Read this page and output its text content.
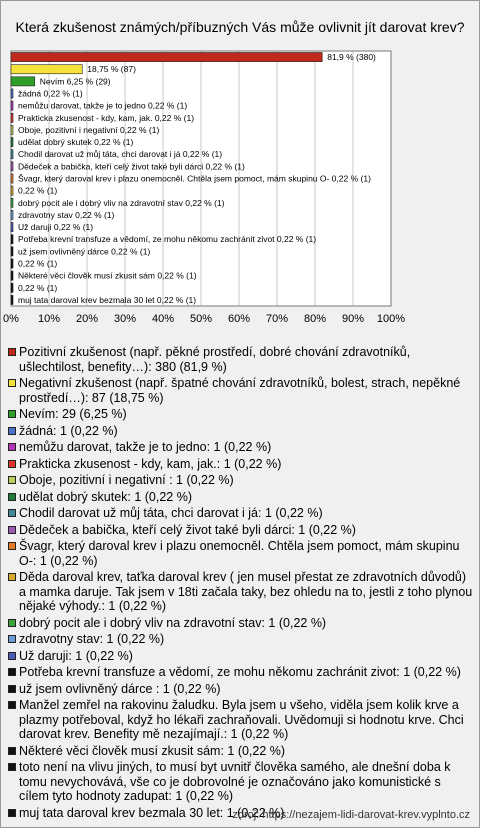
Která zkušenost známých/příbuzných Vás může ovlivnit jít darovat krev?
0% 10% 20% 30% 40% 50% 60% 70% 80% 90% 100%
81,9 % (380)
18,75 % (87)
Nevím 6,25 % (29)
žádná 0,22 % (1)
nemůžu darovat, takže je to jedno 0,22 % (1)
Prakticka zkusenost - kdy, kam, jak. 0,22 % (1)
Oboje, pozitivní i negativní 0,22 % (1)
udělat dobrý skutek 0,22 % (1)
Chodil darovat už můj táta, chci darovat i já 0,22 % (1)
Dědeček a babička, kteří celý život také byli dárci 0,22 % (1)
Švagr, který daroval krev i plazu onemocněl. Chtěla jsem pomoct, mám skupinu O- 0,22 % (1)
0,22 % (1)
dobrý pocit ale i dobrý vliv na zdravotní stav 0,22 % (1)
zdravotny stav 0,22 % (1)
Už daruji 0,22 % (1)
Potřeba krevní transfuze a vědomí, ze mohu někomu zachránit zivot 0,22 % (1)
už jsem ovlivněný dárce 0,22 % (1)
0,22 % (1)
Některé věci člověk musí zkusit sám 0,22 % (1)
0,22 % (1)
muj tata daroval krev bezmala 30 let 0,22 % (1)
Pozitivní zkušenost (např. pěkné prostředí, dobré chování zdravotníků, ušlechtilost, benefity…): 380 (81,9 %)
Negativní zkušenost (např. špatné chování zdravotníků, bolest, strach, nepěkné prostředí…): 87 (18,75 %)
Nevím: 29 (6,25 %)
žádná: 1 (0,22 %)
nemůžu darovat, takže je to jedno: 1 (0,22 %)
Prakticka zkusenost - kdy, kam, jak.: 1 (0,22 %)
Oboje, pozitivní i negativní : 1 (0,22 %)
udělat dobrý skutek: 1 (0,22 %)
Chodil darovat už můj táta, chci darovat i já: 1 (0,22 %)
Dědeček a babička, kteří celý život také byli dárci: 1 (0,22 %)
Švagr, který daroval krev i plazu onemocněl. Chtěla jsem pomoct, mám skupinu O-: 1 (0,22 %)
Děda daroval krev, taťka daroval krev ( jen musel přestat ze zdravotních důvodů) a mamka daruje. Tak jsem v 18ti začala taky, bez ohledu na to, jestli z toho plynou nějaké výhody.: 1 (0,22 %)
dobrý pocit ale i dobrý vliv na zdravotní stav: 1 (0,22 %)
zdravotny stav: 1 (0,22 %)
Už daruji: 1 (0,22 %)
Potřeba krevní transfuze a vědomí, ze mohu někomu zachránit zivot: 1 (0,22 %)
už jsem ovlivněný dárce : 1 (0,22 %)
Manžel zemřel na rakovinu žaludku. Byla jsem u všeho, viděla jsem kolik krve a plazmy potřeboval, když ho lékaři zachraňovali. Uvědomuji si hodnotu krve. Chci darovat krev. Benefity mě nezajímají.: 1 (0,22 %)
Některé věci člověk musí zkusit sám: 1 (0,22 %)
toto není na vlivu jiných, to musí byt uvnitř člověka samého, ale dnešní doba k tomu nevychovává, vše co je dobrovolné je označováno jako komunistické s cílem tyto hodnoty zadupat: 1 (0,22 %)
muj tata daroval krev bezmala 30 let: 1 (0,22 %)
zdroj: https://nezajem-lidi-darovat-krev.vyplnto.cz
